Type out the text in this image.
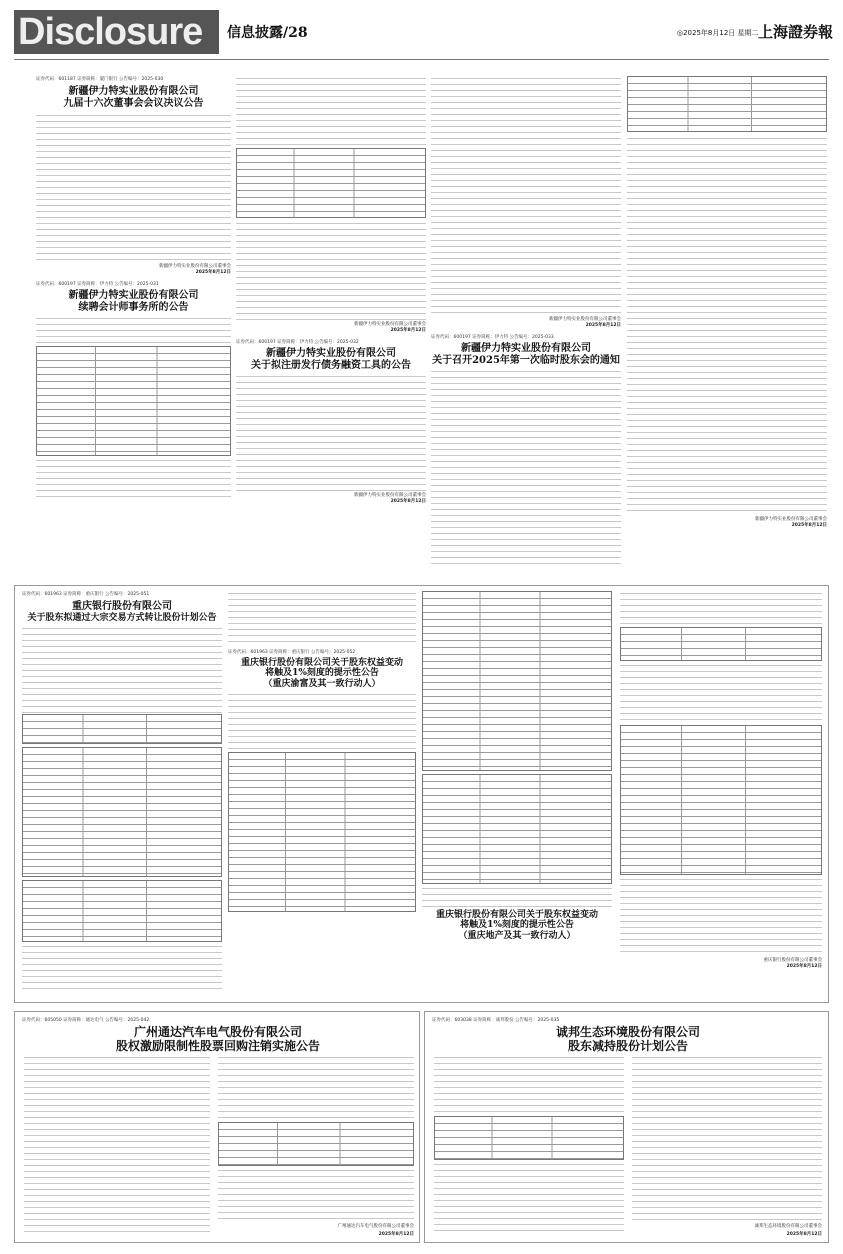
Disclosure	信息披露/28	◎2025年8月12日 星期二 上海證券報
证券代码：601187 证券简称：厦门银行 公告编号：2025-030
新疆伊力特实业股份有限公司
九届十六次董事会会议决议公告
新疆伊力特实业股份有限公司董事会
2025年8月12日
证券代码：600197 证券简称：伊力特 公告编号：2025-031
新疆伊力特实业股份有限公司
续聘会计师事务所的公告
新疆伊力特实业股份有限公司董事会
2025年8月12日
证券代码：600197 证券简称：伊力特 公告编号：2025-032
新疆伊力特实业股份有限公司
关于拟注册发行债务融资工具的公告
新疆伊力特实业股份有限公司董事会
2025年8月12日
新疆伊力特实业股份有限公司董事会
2025年8月12日
证券代码：600197 证券简称：伊力特 公告编号：2025-033
新疆伊力特实业股份有限公司
关于召开2025年第一次临时股东会的通知
新疆伊力特实业股份有限公司董事会
2025年8月12日
证券代码：601963 证券简称：重庆银行 公告编号：2025-051
重庆银行股份有限公司
关于股东拟通过大宗交易方式转让股份计划公告
证券代码：601963 证券简称：重庆银行 公告编号：2025-052
重庆银行股份有限公司关于股东权益变动
将触及1%刻度的提示性公告
（重庆渝富及其一致行动人）
重庆银行股份有限公司关于股东权益变动
将触及1%刻度的提示性公告
（重庆地产及其一致行动人）
重庆银行股份有限公司董事会
2025年8月12日
证券代码：605050 证券简称：通达电气 公告编号：2025-042
广州通达汽车电气股份有限公司
股权激励限制性股票回购注销实施公告
广州通达汽车电气股份有限公司董事会
2025年8月12日
证券代码：603038 证券简称：诚邦股份 公告编号：2025-035
诚邦生态环境股份有限公司
股东减持股份计划公告
诚邦生态环境股份有限公司董事会
2025年8月12日
